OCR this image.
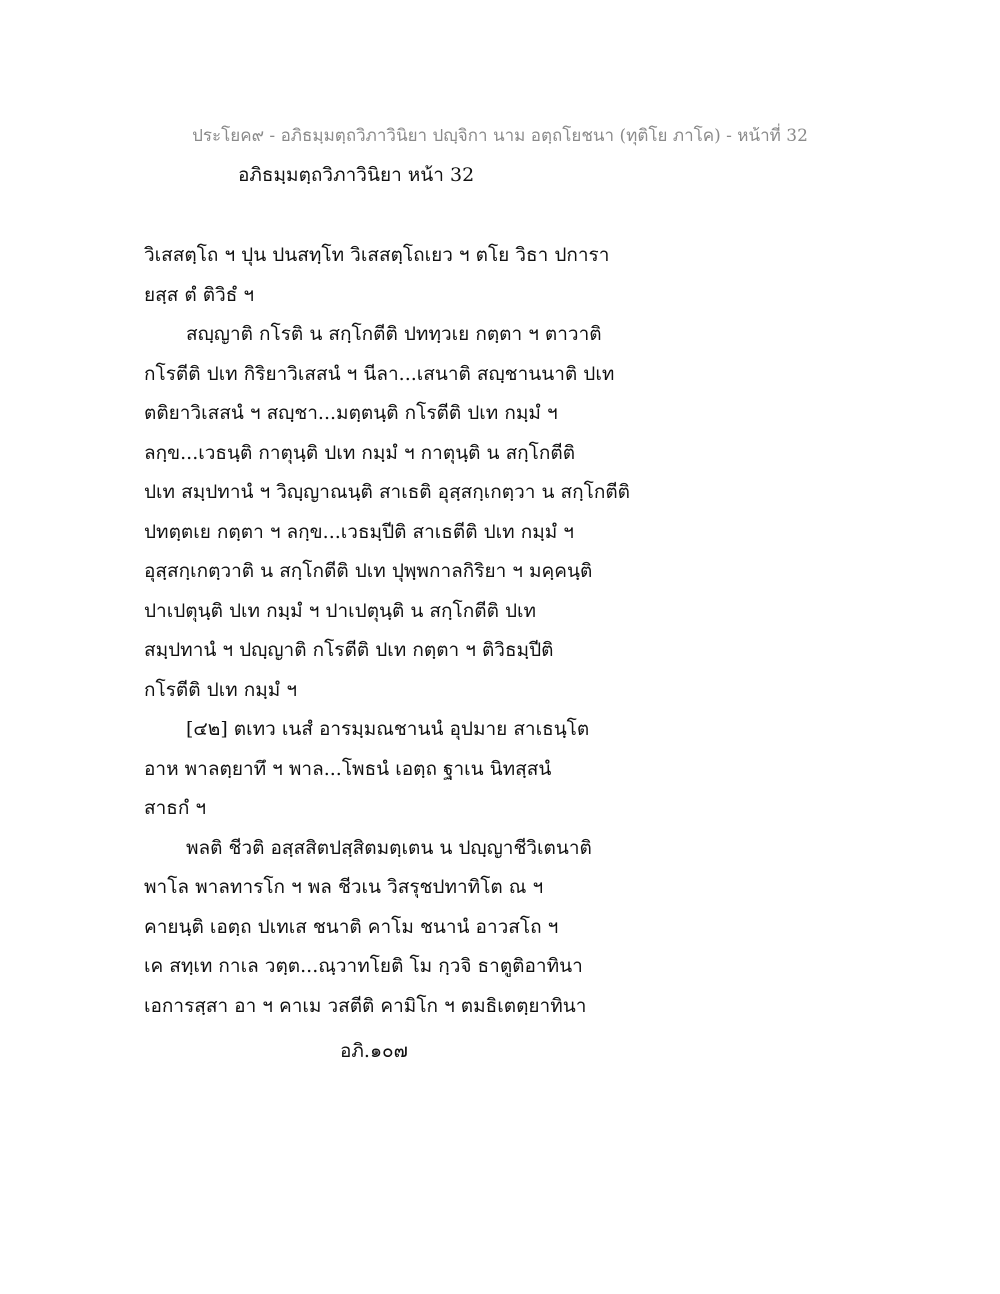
ประโยค๙ - อภิธมฺมตฺถวิภาวินิยา ปญฺจิกา นาม อตฺถโยชนา (ทุติโย ภาโค) - หน้าที่ 32
อภิธมฺมตฺถวิภาวินิยา หน้า 32
วิเสสตฺโถ ฯ ปุน ปนสทฺโท วิเสสตฺโถเยว ฯ ตโย วิธา ปการา
ยสฺส ตํ ติวิธํ ฯ
สญฺญาติ กโรติ น สกฺโกตีติ ปททฺวเย กตฺตา ฯ ตาวาติ
กโรตีติ ปเท กิริยาวิเสสนํ ฯ นีลา...เสนาติ สญฺชานนาติ ปเท
ตติยาวิเสสนํ ฯ สญฺชา...มตฺตนฺติ กโรตีติ ปเท กมฺมํ ฯ
ลกฺข...เวธนฺติ กาตุนฺติ ปเท กมฺมํ ฯ กาตุนฺติ น สกฺโกตีติ
ปเท สมฺปทานํ ฯ วิญฺญาณนฺติ สาเธติ อุสฺสกฺเกตฺวา น สกฺโกตีติ
ปทตฺตเย กตฺตา ฯ ลกฺข...เวธมฺปีติ สาเธตีติ ปเท กมฺมํ ฯ
อุสฺสกฺเกตฺวาติ น สกฺโกตีติ ปเท ปุพฺพกาลกิริยา ฯ มคฺคนฺติ
ปาเปตุนฺติ ปเท กมฺมํ ฯ ปาเปตุนฺติ น สกฺโกตีติ ปเท
สมฺปทานํ ฯ ปญฺญาติ กโรตีติ ปเท กตฺตา ฯ ติวิธมฺปีติ
กโรตีติ ปเท กมฺมํ ฯ
[๔๒] ตเทว เนสํ อารมฺมณชานนํ อุปมาย สาเธนฺโต
อาห พาลตฺยาทึ ฯ พาล...โพธนํ เอตฺถ ฐาเน นิทสฺสนํ
สาธกํ ฯ
พลติ ชีวติ อสฺสสิตปสฺสิตมตฺเตน น ปญฺญาชีวิเตนาติ
พาโล พาลทารโก ฯ พล ชีวเน วิสรุชปทาทิโต ณ ฯ
คายนฺติ เอตฺถ ปเทเส ชนาติ คาโม ชนานํ อาวสโถ ฯ
เค สทฺเท กาเล วตฺต...ณฺวาทโยติ โม กฺวจิ ธาตูติอาทินา
เอการสฺสา อา ฯ คาเม วสตีติ คามิโก ฯ ตมธิเตตฺยาทินา
อภิ.๑๐๗
